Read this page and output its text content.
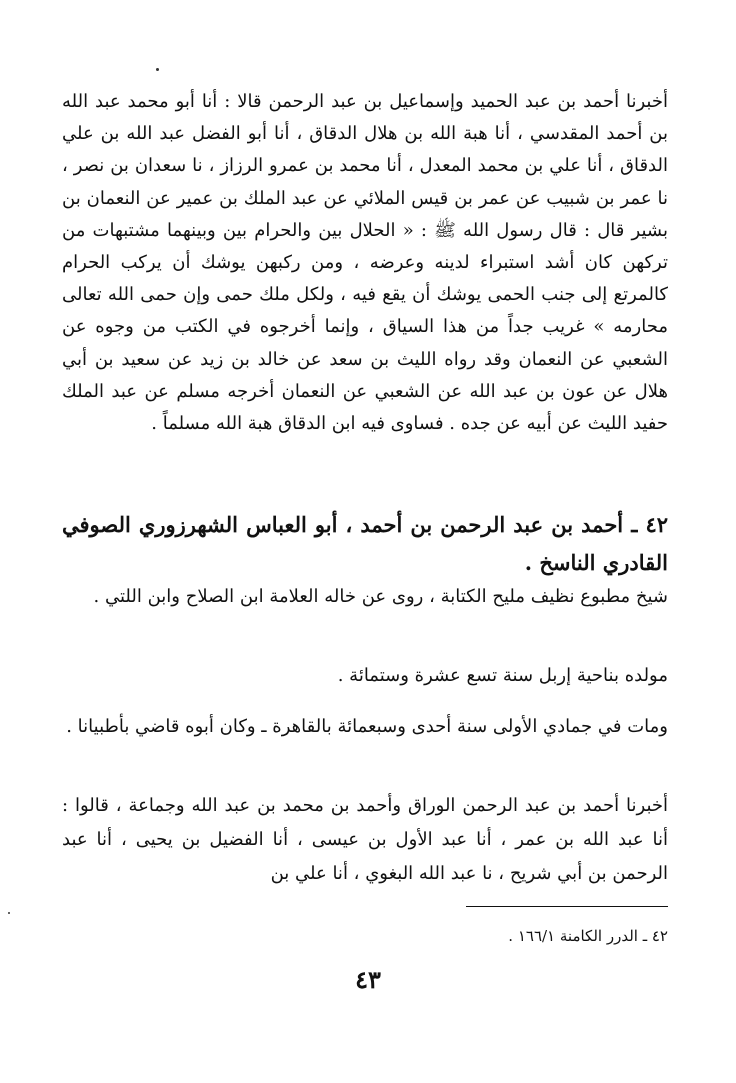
أخبرنا أحمد بن عبد الحميد وإسماعيل بن عبد الرحمن قالا : أنا أبو محمد عبد الله بن أحمد المقدسي ، أنا هبة الله بن هلال الدقاق ، أنا أبو الفضل عبد الله بن علي الدقاق ، أنا علي بن محمد المعدل ، أنا محمد بن عمرو الرزاز ، نا سعدان بن نصر ، نا عمر بن شبيب عن عمر بن قيس الملائي عن عبد الملك بن عمير عن النعمان بن بشير قال : قال رسول الله ﷺ : « الحلال بين والحرام بين وبينهما مشتبهات من تركهن كان أشد استبراء لدينه وعرضه ، ومن ركبهن يوشك أن يركب الحرام كالمرتع إلى جنب الحمى يوشك أن يقع فيه ، ولكل ملك حمى وإن حمى الله تعالى محارمه » غريب جداً من هذا السياق ، وإنما أخرجوه في الكتب من وجوه عن الشعبي عن النعمان وقد رواه الليث بن سعد عن خالد بن زيد عن سعيد بن أبي هلال عن عون بن عبد الله عن الشعبي عن النعمان أخرجه مسلم عن عبد الملك حفيد الليث عن أبيه عن جده . فساوى فيه ابن الدقاق هبة الله مسلماً .

٤٢ ـ أحمد بن عبد الرحمن بن أحمد ، أبو العباس الشهرزوري الصوفي القادري الناسخ .

شيخ مطبوع نظيف مليح الكتابة ، روى عن خاله العلامة ابن الصلاح وابن اللتي .

مولده بناحية إربل سنة تسع عشرة وستمائة .

ومات في جمادي الأولى سنة أحدى وسبعمائة بالقاهرة ـ وكان أبوه قاضي بأطبيانا .

أخبرنا أحمد بن عبد الرحمن الوراق وأحمد بن محمد بن عبد الله وجماعة ، قالوا : أنا عبد الله بن عمر ، أنا عبد الأول بن عيسى ، أنا الفضيل بن يحيى ، أنا عبد الرحمن بن أبي شريح ، نا عبد الله البغوي ، أنا علي بن

٤٢ ـ الدرر الكامنة ١٦٦/١ .

٤٣
